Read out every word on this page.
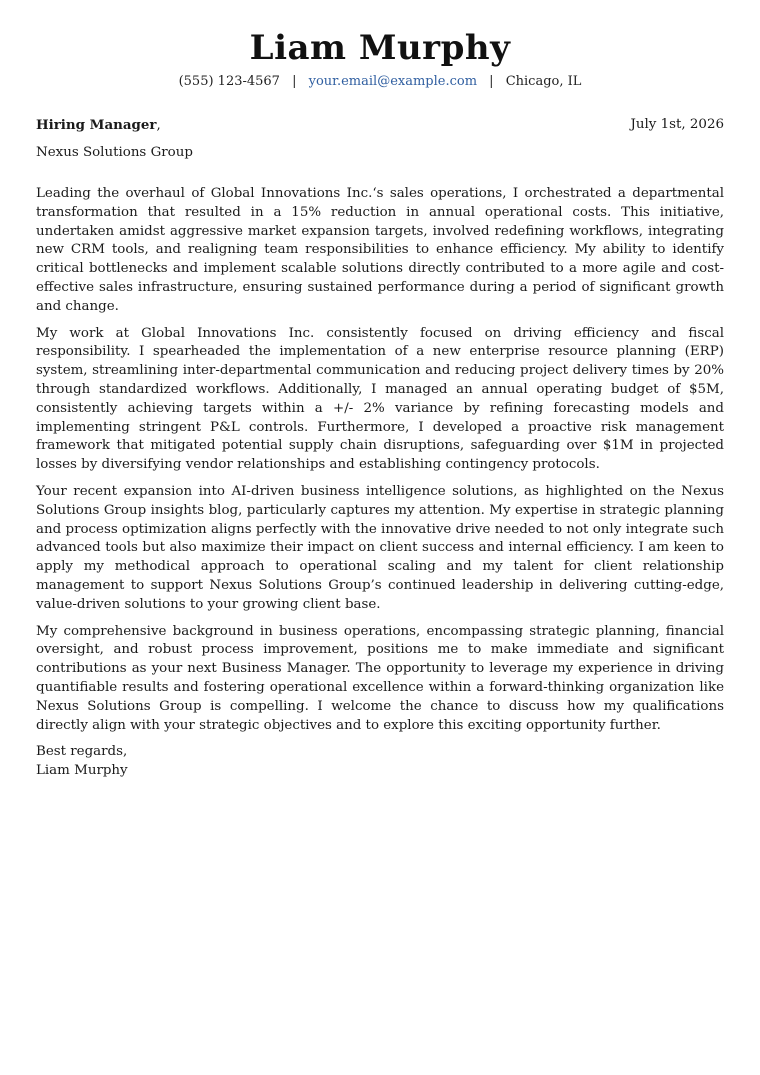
Liam Murphy
(555) 123-4567 | your.email@example.com | Chicago, IL
Hiring Manager,	July 1st, 2026
Nexus Solutions Group

Leading the overhaul of Global Innovations Inc.‘s sales operations, I orchestrated a departmental transformation that resulted in a 15% reduction in annual operational costs. This initiative, undertaken amidst aggressive market expansion targets, involved redefining workflows, integrating new CRM tools, and realigning team responsibilities to enhance efficiency. My ability to identify critical bottlenecks and implement scalable solutions directly contributed to a more agile and cost-effective sales infrastructure, ensuring sustained performance during a period of significant growth and change.

My work at Global Innovations Inc. consistently focused on driving efficiency and fiscal responsibility. I spearheaded the implementation of a new enterprise resource planning (ERP) system, streamlining inter-departmental communication and reducing project delivery times by 20% through standardized workflows. Additionally, I managed an annual operating budget of $5M, consistently achieving targets within a +/- 2% variance by refining forecasting models and implementing stringent P&L controls. Furthermore, I developed a proactive risk management framework that mitigated potential supply chain disruptions, safeguarding over $1M in projected losses by diversifying vendor relationships and establishing contingency protocols.

Your recent expansion into AI-driven business intelligence solutions, as highlighted on the Nexus Solutions Group insights blog, particularly captures my attention. My expertise in strategic planning and process optimization aligns perfectly with the innovative drive needed to not only integrate such advanced tools but also maximize their impact on client success and internal efficiency. I am keen to apply my methodical approach to operational scaling and my talent for client relationship management to support Nexus Solutions Group’s continued leadership in delivering cutting-edge, value-driven solutions to your growing client base.

My comprehensive background in business operations, encompassing strategic planning, financial oversight, and robust process improvement, positions me to make immediate and significant contributions as your next Business Manager. The opportunity to leverage my experience in driving quantifiable results and fostering operational excellence within a forward-thinking organization like Nexus Solutions Group is compelling. I welcome the chance to discuss how my qualifications directly align with your strategic objectives and to explore this exciting opportunity further.

Best regards,
Liam Murphy
